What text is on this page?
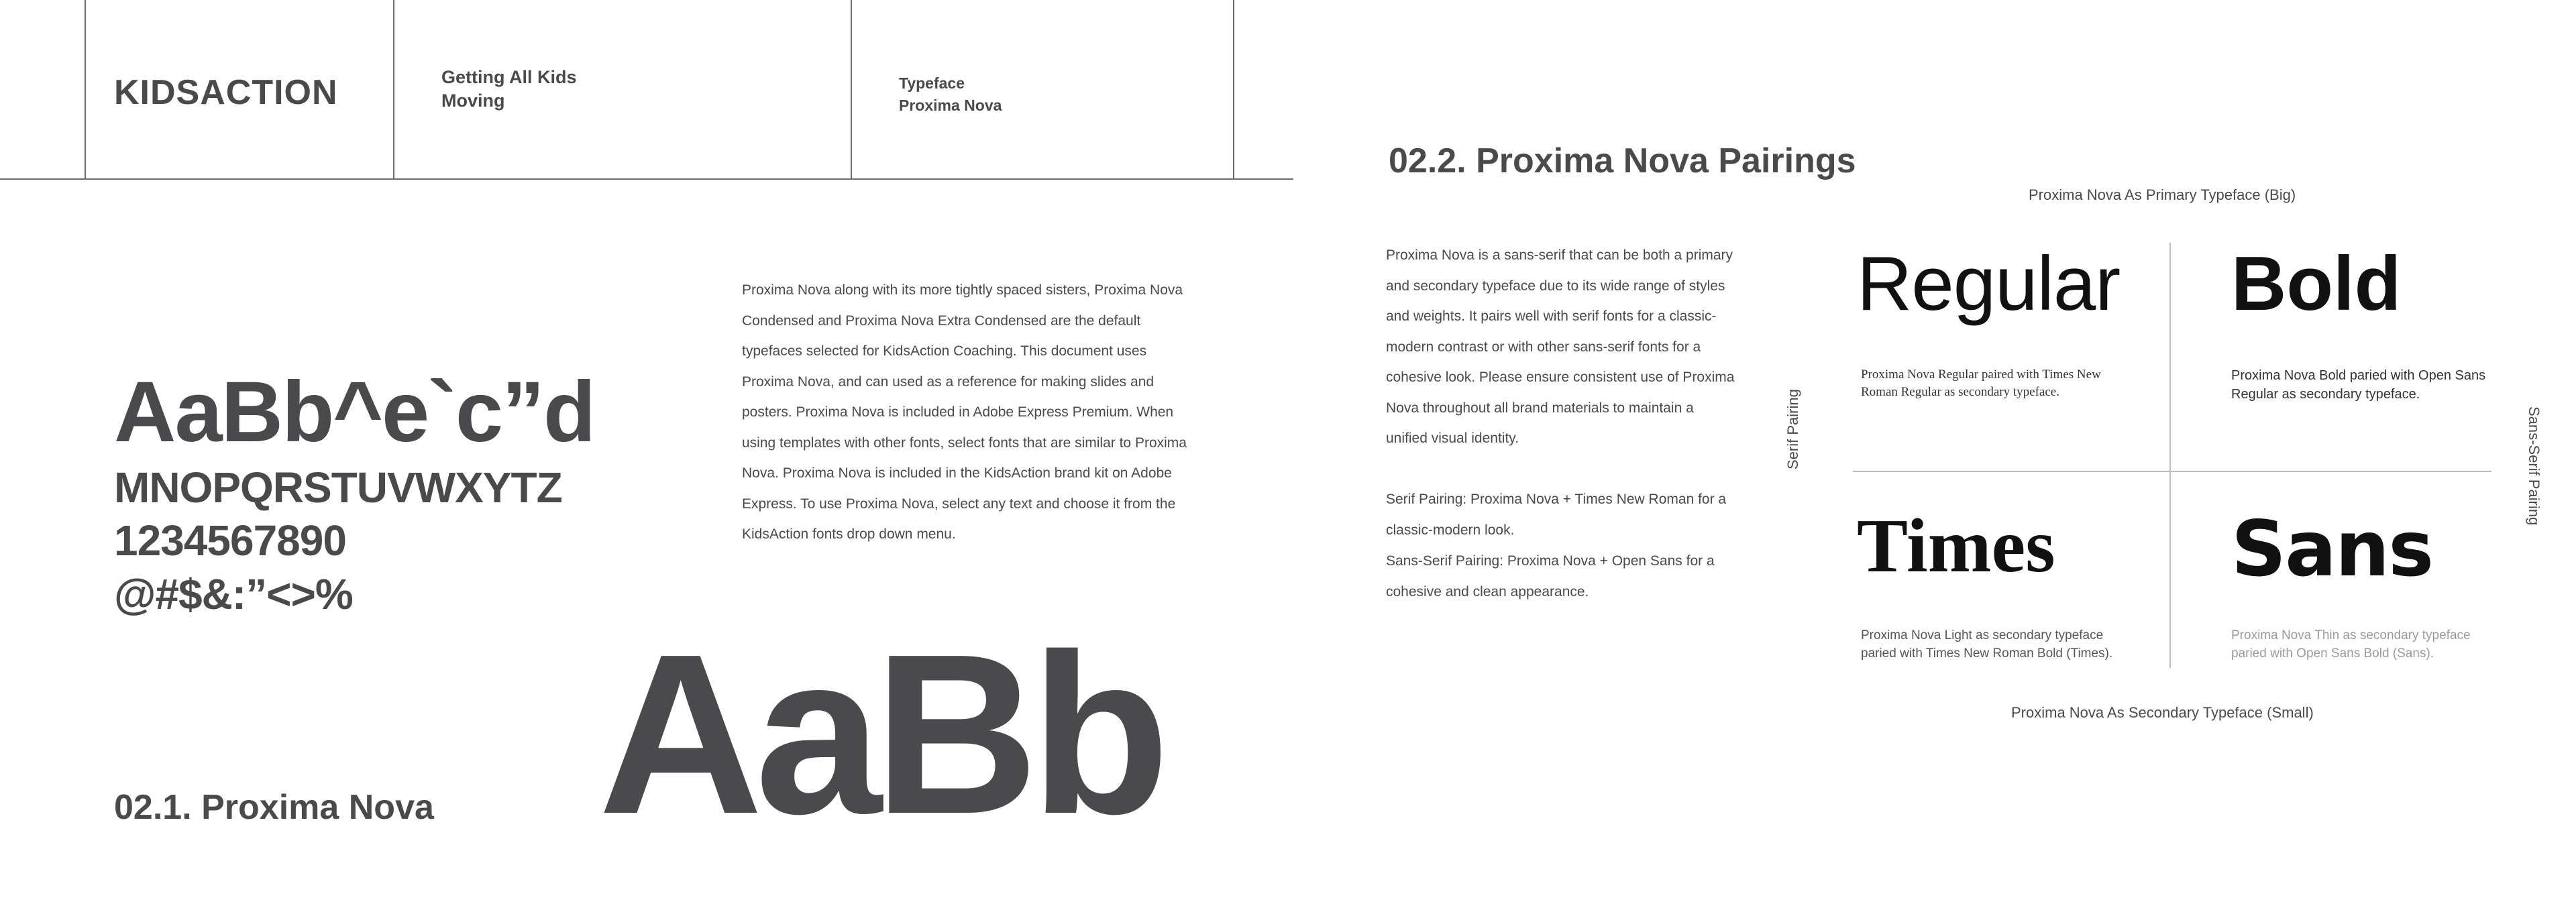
KIDSACTION	Getting All Kids
Moving
Typeface
Proxima Nova
AaBb^e`c”d
MNOPQRSTUVWXYTZ
1234567890
@#$&:”<>%
AaBb
02.1. Proxima Nova
Proxima Nova along with its more tightly spaced sisters, Proxima Nova Condensed and Proxima Nova Extra Condensed are the default typefaces selected for KidsAction Coaching. This document uses Proxima Nova, and can used as a reference for making slides and posters. Proxima Nova is included in Adobe Express Premium. When using templates with other fonts, select fonts that are similar to Proxima Nova. Proxima Nova is included in the KidsAction brand kit on Adobe Express. To use Proxima Nova, select any text and choose it from the KidsAction fonts drop down menu.
02.2. Proxima Nova Pairings
Proxima Nova As Primary Typeface (Big)
Proxima Nova is a sans-serif that can be both a primary and secondary typeface due to its wide range of styles and weights. It pairs well with serif fonts for a classic-modern contrast or with other sans-serif fonts for a cohesive look. Please ensure consistent use of Proxima Nova throughout all brand materials to maintain a unified visual identity.
Serif Pairing: Proxima Nova + Times New Roman for a classic-modern look.
Sans-Serif Pairing: Proxima Nova + Open Sans for a cohesive and clean appearance.
Serif Pairing	Sans-Serif Pairing
Regular
Proxima Nova Regular paired with Times New Roman Regular as secondary typeface.
Bold
Proxima Nova Bold paried with Open Sans Regular as secondary typeface.
Times
Proxima Nova Light as secondary typeface paried with Times New Roman Bold (Times).
Sans
Proxima Nova Thin as secondary typeface paried with Open Sans Bold (Sans).
Proxima Nova As Secondary Typeface (Small)
